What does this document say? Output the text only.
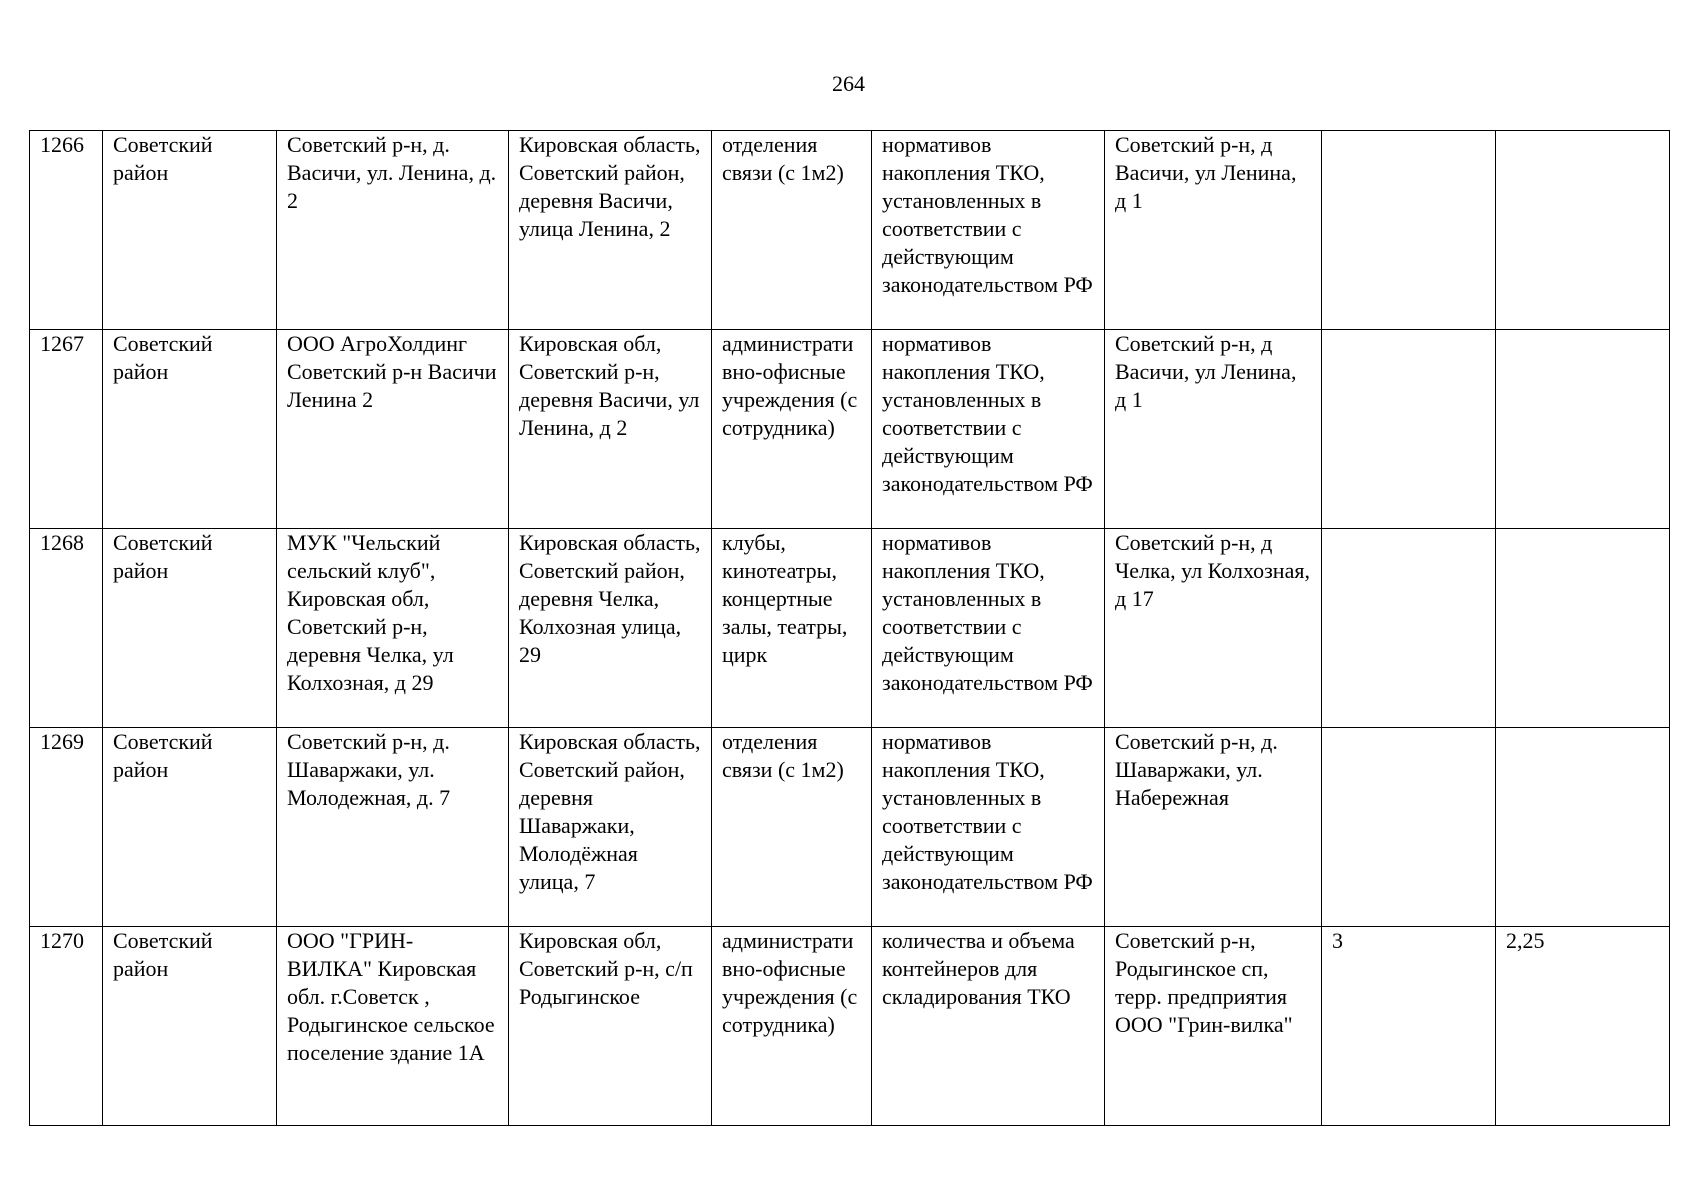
264
1266	Советский район	Советский р-н, д. Васичи, ул. Ленина, д. 2	Кировская область, Советский район, деревня Васичи, улица Ленина, 2	отделения связи (с 1м2)	нормативов накопления ТКО, установленных в соответствии с действующим законодательством РФ	Советский р-н, д Васичи, ул Ленина, д 1		
1267	Советский район	ООО АгроХолдинг Советский р-н Васичи Ленина 2	Кировская обл, Советский р-н, деревня Васичи, ул Ленина, д 2	административно-офисные учреждения (с сотрудника)	нормативов накопления ТКО, установленных в соответствии с действующим законодательством РФ	Советский р-н, д Васичи, ул Ленина, д 1		
1268	Советский район	МУК "Чельский сельский клуб", Кировская обл, Советский р-н, деревня Челка, ул Колхозная, д 29	Кировская область, Советский район, деревня Челка, Колхозная улица, 29	клубы, кинотеатры, концертные залы, театры, цирк	нормативов накопления ТКО, установленных в соответствии с действующим законодательством РФ	Советский р-н, д Челка, ул Колхозная, д 17		
1269	Советский район	Советский р-н, д. Шаваржаки, ул. Молодежная, д. 7	Кировская область, Советский район, деревня Шаваржаки, Молодёжная улица, 7	отделения связи (с 1м2)	нормативов накопления ТКО, установленных в соответствии с действующим законодательством РФ	Советский р-н, д. Шаваржаки, ул. Набережная		
1270	Советский район	ООО "ГРИН-ВИЛКА" Кировская обл. г.Советск , Родыгинское сельское поселение здание 1А	Кировская обл, Советский р-н, с/п Родыгинское	административно-офисные учреждения (с сотрудника)	количества и объема контейнеров для складирования ТКО	Советский р-н, Родыгинское сп, терр. предприятия ООО "Грин-вилка"	3	2,25
